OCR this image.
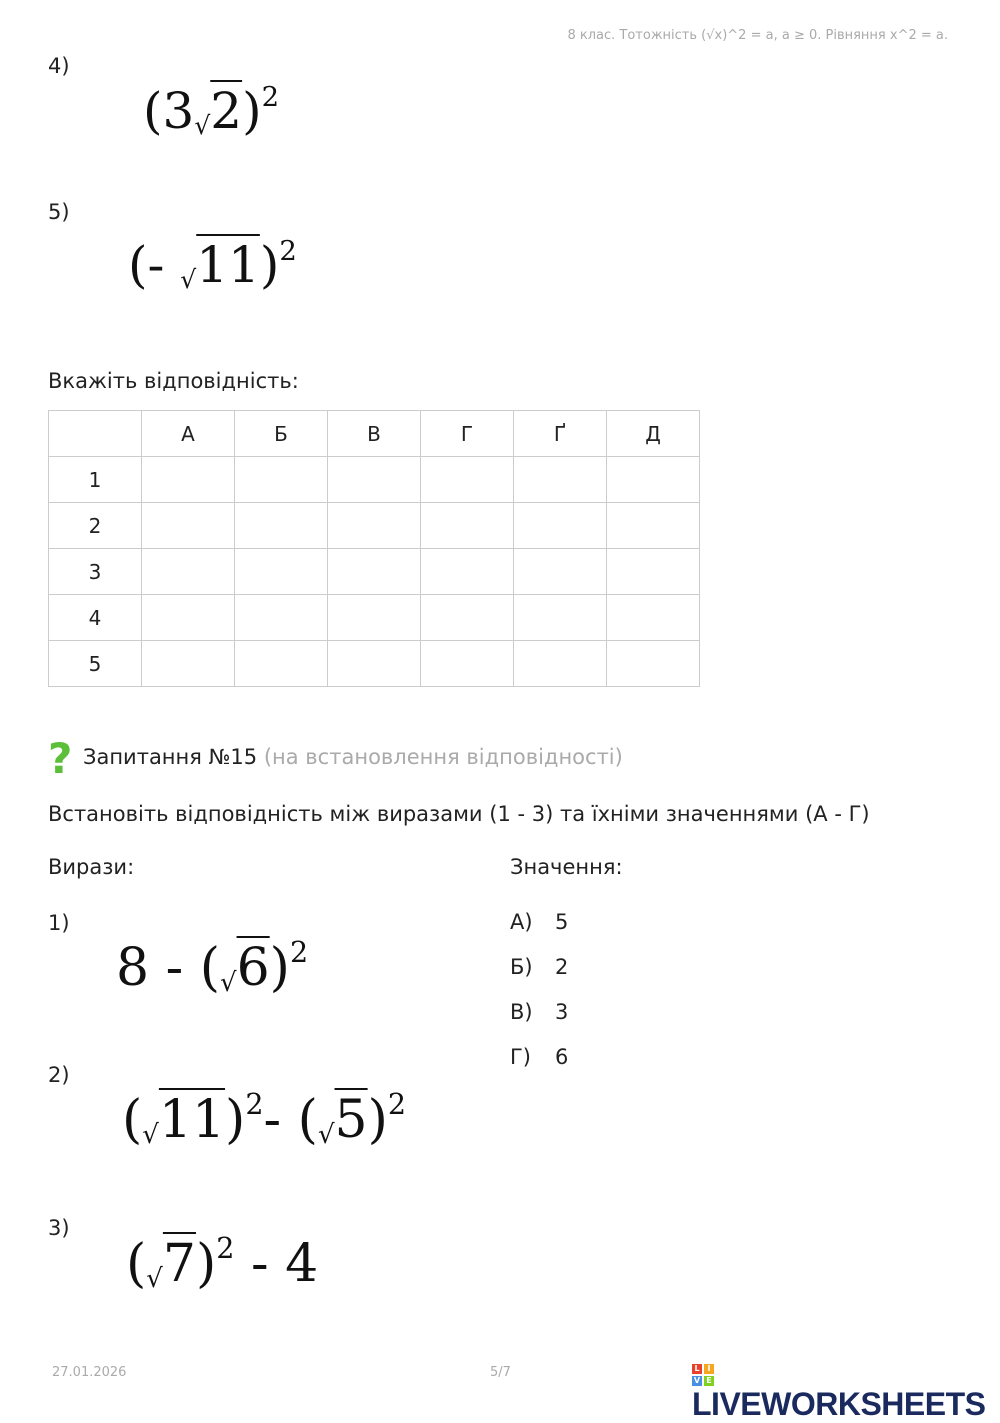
8 клас. Тотожність (√x)^2 = a, a ≥ 0. Рівняння x^2 = a.
4)
$(3√2)^2$
5)
(- √11)$^2$
Вкажіть відповідність:
	А	Б	В	Г	Ґ	Д
1						
2						
3						
4						
5						
? Запитання №15 (на встановлення відповідності)
Встановіть відповідність між виразами (1 - 3) та їхніми значеннями (А - Г)
Вирази:	Значення:
1)
$8 - (√6)^2$
2)
$(√11)^2-$ $(√5)^2$
3)
$(√7)^2 - 4$
А) 5
Б) 2
В) 3
Г) 6
27.01.2026	5/7	L I
V E
LIVEWORKSHEETS
